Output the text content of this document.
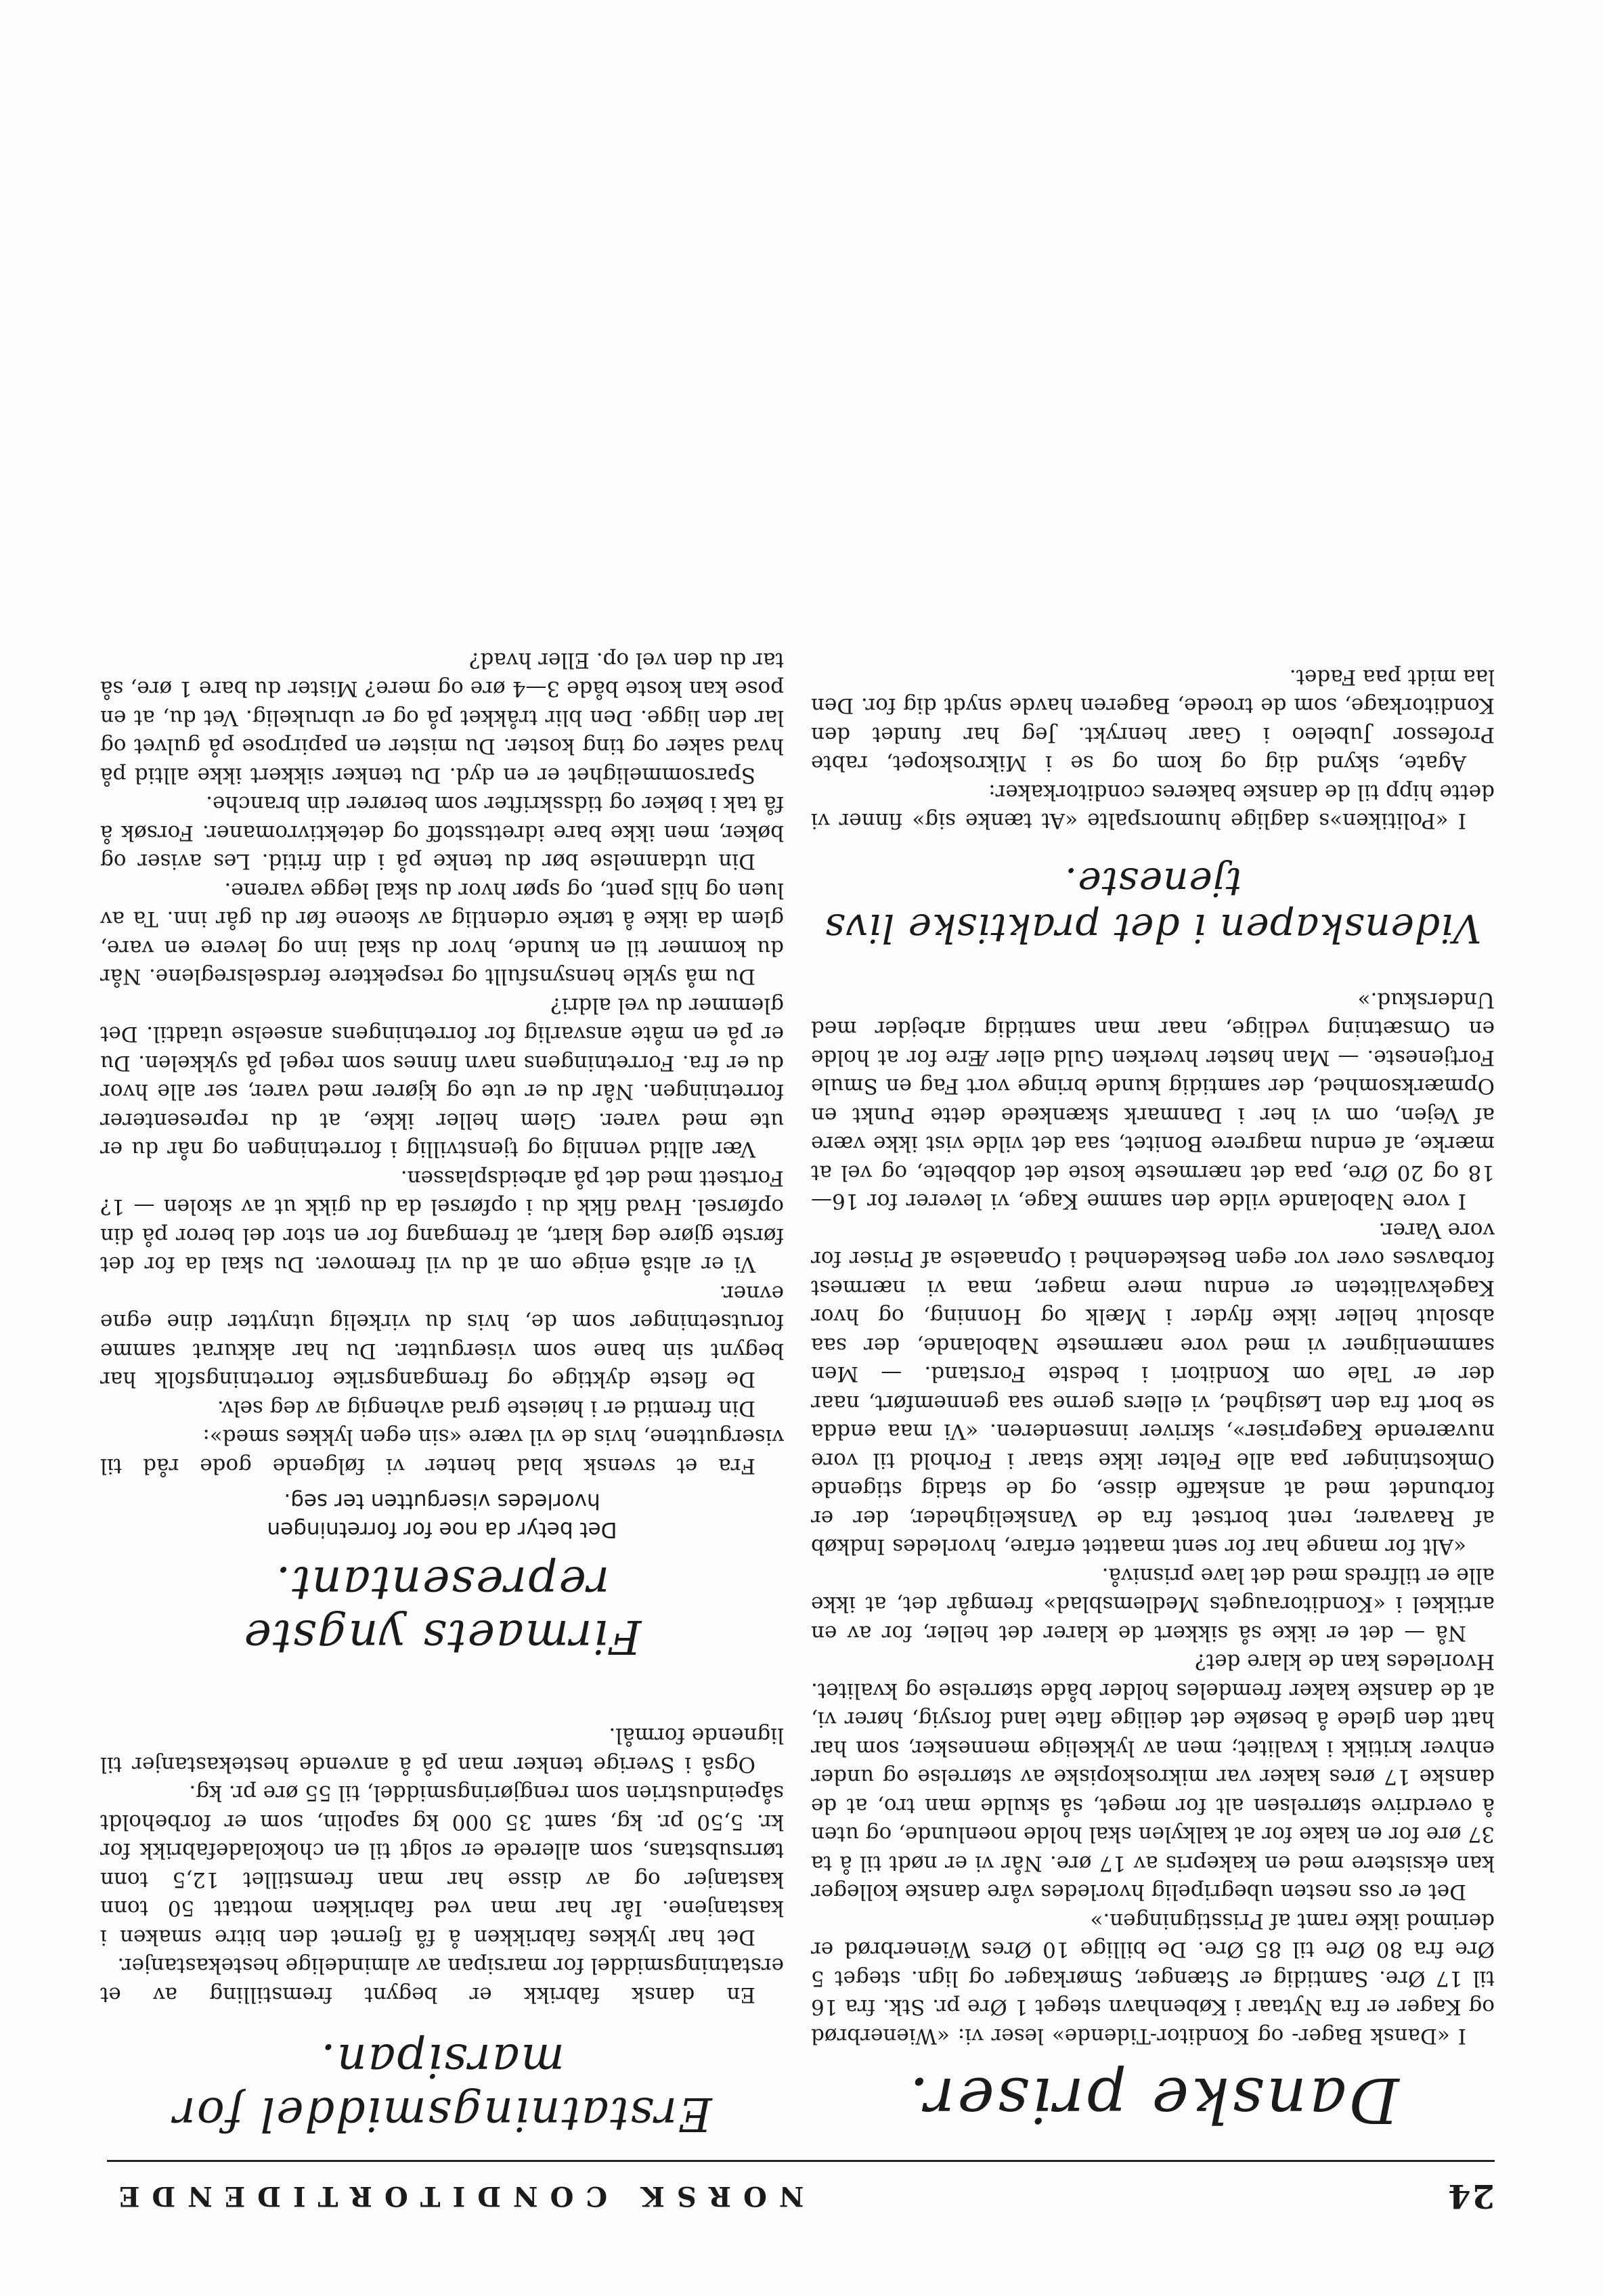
24
NORSK CONDITORTIDENDE
Danske priser.

I «Dansk Bager- og Konditor-Tidende» leser vi: «Wienerbrød og Kager er fra Nytaar i København steget 1 Øre pr. Stk. fra 16 til 17 Øre. Samtidig er Stænger, Smørkager og lign. steget 5 Øre fra 80 Øre til 85 Øre. De billige 10 Øres Wienerbrød er derimod ikke ramt af Prisstigningen.»

Det er oss nesten ubegripelig hvorledes våre danske kolleger kan eksistere med en kakepris av 17 øre. Når vi er nødt til å ta 37 øre for en kake for at kalkylen skal holde noenlunde, og uten å overdrive størrelsen alt for meget, så skulde man tro, at de danske 17 øres kaker var mikroskopiske av størrelse og under enhver kritikk i kvalitet; men av lykkelige mennesker, som har hatt den glede å besøke det deilige flate land forsyig, hører vi, at de danske kaker fremdeles holder både størrelse og kvalitet. Hvorledes kan de klare det?

Nå — det er ikke så sikkert de klarer det heller, for av en artikkel i «Konditoraugets Medlemsblad» fremgår det, at ikke alle er tilfreds med det lave prisnivå.

«Alt for mange har for sent maattet erfare, hvorledes Indkøb af Raavarer, rent bortset fra de Vanskeligheder, der er forbundet med at anskaffe disse, og de stadig stigende Omkostninger paa alle Felter ikke staar i Forhold til vore nuværende Kagepriser», skriver innsenderen. «Vi maa endda se bort fra den Løsighed, vi ellers gerne saa gennemført, naar der er Tale om Konditori i bedste Forstand. — Men sammenligner vi med vore nærmeste Nabolande, der saa absolut heller ikke flyder i Mælk og Honning, og hvor Kagekvaliteten er endnu mere mager, maa vi nærmest forbavses over vor egen Beskedenhed i Opnaaelse af Priser for vore Varer.

I vore Nabolande vilde den samme Kage, vi leverer for 16—18 og 20 Øre, paa det nærmeste koste det dobbelte, og vel at mærke, af endnu magrere Bonitet, saa det vilde vist ikke være af Vejen, om vi her i Danmark skænkede dette Punkt en Opmærksomhed, der samtidig kunde bringe vort Fag en Smule Fortjeneste. — Man høster hverken Guld eller Ære for at holde en Omsætning vedlige, naar man samtidig arbejder med Underskud.»

Videnskapen i det praktiske livs tjeneste.

I «Politiken»s daglige humorspalte «At tænke sig» finner vi dette hipp til de danske bakeres conditorkaker:

Agate, skynd dig og kom og se i Mikroskopet, rabte Professor Jubeleo i Gaar henrykt. Jeg har fundet den Konditorkage, som de troede, Bageren havde snydt dig for. Den laa midt paa Fadet.

Erstatningsmiddel for marsipan.

En dansk fabrikk er begynt fremstilling av et erstatningsmiddel for marsipan av almindelige hestekastanjer.

Det har lykkes fabrikken å få fjernet den bitre smaken i kastanjene. Iår har man ved fabrikken mottatt 50 tonn kastanjer og av disse har man fremstillet 12,5 tonn tørrsubstans, som allerede er solgt til en chokoladefabrikk for kr. 5,50 pr. kg, samt 35 000 kg sapolin, som er forbeholdt såpeindustrien som rengjøringsmiddel, til 55 øre pr. kg.

Også i Sverige tenker man på å anvende hestekastanjer til lignende formål.

Firmaets yngste representant.
Det betyr da noe for forretningen
hvorledes visergutten ter seg.

Fra et svensk blad henter vi følgende gode råd til viserguttene, hvis de vil være «sin egen lykkes smed»:

Din fremtid er i høieste grad avhengig av deg selv.

De fleste dyktige og fremgangsrike forretningsfolk har begynt sin bane som visergutter. Du har akkurat samme forutsetninger som de, hvis du virkelig utnytter dine egne evner.

Vi er altså enige om at du vil fremover. Du skal da for det første gjøre deg klart, at fremgang for en stor del beror på din opførsel. Hvad fikk du i opførsel da du gikk ut av skolen — 1? Fortsett med det på arbeidsplassen.

Vær alltid vennlig og tjenstvillig i forretningen og når du er ute med varer. Glem heller ikke, at du representerer forretningen. Når du er ute og kjører med varer, ser alle hvor du er fra. Forretningens navn finnes som regel på sykkelen. Du er på en måte ansvarlig for forretningens anseelse utadtil. Det glemmer du vel aldri?

Du må sykle hensynsfullt og respektere ferdselsreglene. Når du kommer til en kunde, hvor du skal inn og levere en vare, glem da ikke å tørke ordentlig av skoene før du går inn. Ta av luen og hils pent, og spør hvor du skal legge varene.

Din utdannelse bør du tenke på i din fritid. Les aviser og bøker, men ikke bare idrettsstoff og detektivromaner. Forsøk å få tak i bøker og tidsskrifter som berører din branche.

Sparsommelighet er en dyd. Du tenker sikkert ikke alltid på hvad saker og ting koster. Du mister en papirpose på gulvet og lar den ligge. Den blir tråkket på og er ubrukelig. Vet du, at en pose kan koste både 3—4 øre og mere? Mister du bare 1 øre, så tar du den vel op. Eller hvad?
